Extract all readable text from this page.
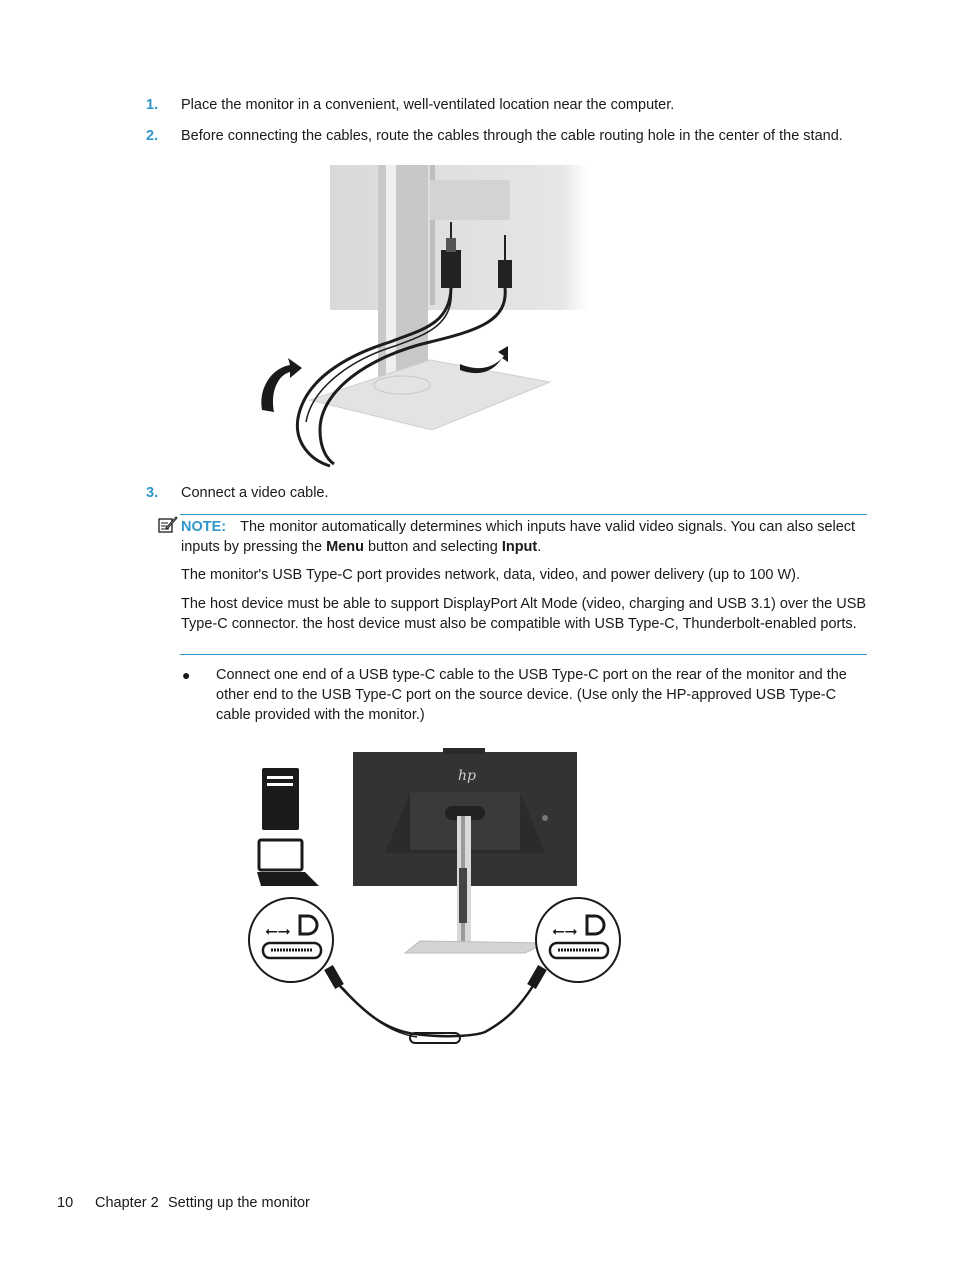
1. Place the monitor in a convenient, well-ventilated location near the computer.
2. Before connecting the cables, route the cables through the cable routing hole in the center of the stand.
3. Connect a video cable.
NOTE: The monitor automatically determines which inputs have valid video signals. You can also select inputs by pressing the Menu button and selecting Input.
The monitor's USB Type-C port provides network, data, video, and power delivery (up to 100 W).
The host device must be able to support DisplayPort Alt Mode (video, charging and USB 3.1) over the USB Type-C connector. the host device must also be compatible with USB Type-C, Thunderbolt-enabled ports.
● Connect one end of a USB type-C cable to the USB Type-C port on the rear of the monitor and the other end to the USB Type-C port on the source device. (Use only the HP-approved USB Type-C cable provided with the monitor.)
hp
⭠⭢	⭠⭢
10 Chapter 2 Setting up the monitor
